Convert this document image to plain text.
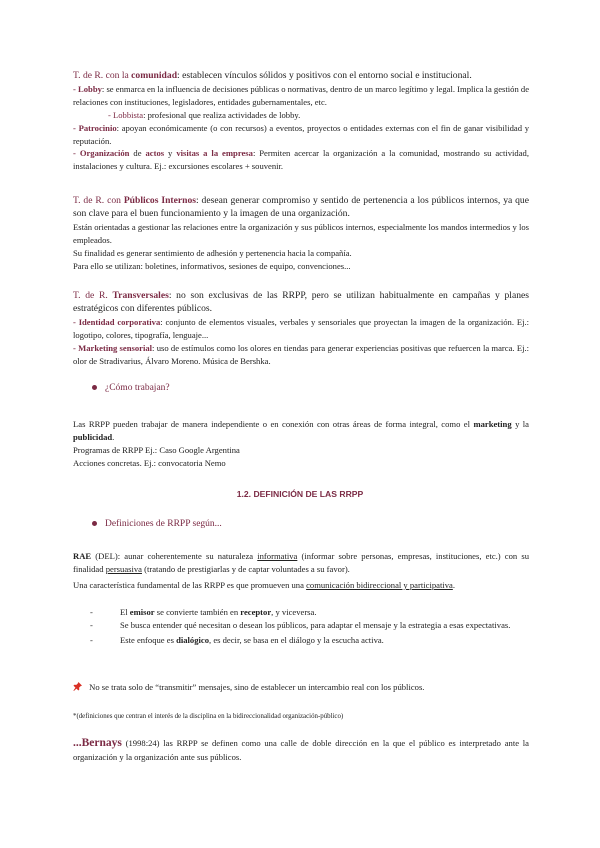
T. de R. con la comunidad: establecen vínculos sólidos y positivos con el entorno social e institucional.
- Lobby: se enmarca en la influencia de decisiones públicas o normativas, dentro de un marco legítimo y legal. Implica la gestión de relaciones con instituciones, legisladores, entidades gubernamentales, etc.
- Lobbista: profesional que realiza actividades de lobby.
- Patrocinio: apoyan económicamente (o con recursos) a eventos, proyectos o entidades externas con el fin de ganar visibilidad y reputación.
- Organización de actos y visitas a la empresa: Permiten acercar la organización a la comunidad, mostrando su actividad, instalaciones y cultura. Ej.: excursiones escolares + souvenir.
T. de R. con Públicos Internos: desean generar compromiso y sentido de pertenencia a los públicos internos, ya que son clave para el buen funcionamiento y la imagen de una organización.
Están orientadas a gestionar las relaciones entre la organización y sus públicos internos, especialmente los mandos intermedios y los empleados.
Su finalidad es generar sentimiento de adhesión y pertenencia hacia la compañía.
Para ello se utilizan: boletines, informativos, sesiones de equipo, convenciones...
T. de R. Transversales: no son exclusivas de las RRPP, pero se utilizan habitualmente en campañas y planes estratégicos con diferentes públicos.
- Identidad corporativa: conjunto de elementos visuales, verbales y sensoriales que proyectan la imagen de la organización. Ej.: logotipo, colores, tipografía, lenguaje...
- Marketing sensorial: uso de estímulos como los olores en tiendas para generar experiencias positivas que refuercen la marca. Ej.: olor de Stradivarius, Álvaro Moreno. Música de Bershka.
¿Cómo trabajan?
Las RRPP pueden trabajar de manera independiente o en conexión con otras áreas de forma integral, como el marketing y la publicidad.
Programas de RRPP Ej.: Caso Google Argentina
Acciones concretas. Ej.: convocatoria Nemo
1.2. DEFINICIÓN DE LAS RRPP
Definiciones de RRPP según...
RAE (DEL): aunar coherentemente su naturaleza informativa (informar sobre personas, empresas, instituciones, etc.) con su finalidad persuasiva (tratando de prestigiarlas y de captar voluntades a su favor).
Una característica fundamental de las RRPP es que promueven una comunicación bidireccional y participativa.
-	El emisor se convierte también en receptor, y viceversa.
-	Se busca entender qué necesitan o desean los públicos, para adaptar el mensaje y la estrategia a esas expectativas.
-	Este enfoque es dialógico, es decir, se basa en el diálogo y la escucha activa.
No se trata solo de “transmitir” mensajes, sino de establecer un intercambio real con los públicos.
*(definiciones que centran el interés de la disciplina en la bidireccionalidad organización-público)
...Bernays (1998:24) las RRPP se definen como una calle de doble dirección en la que el público es interpretado ante la organización y la organización ante sus públicos.
